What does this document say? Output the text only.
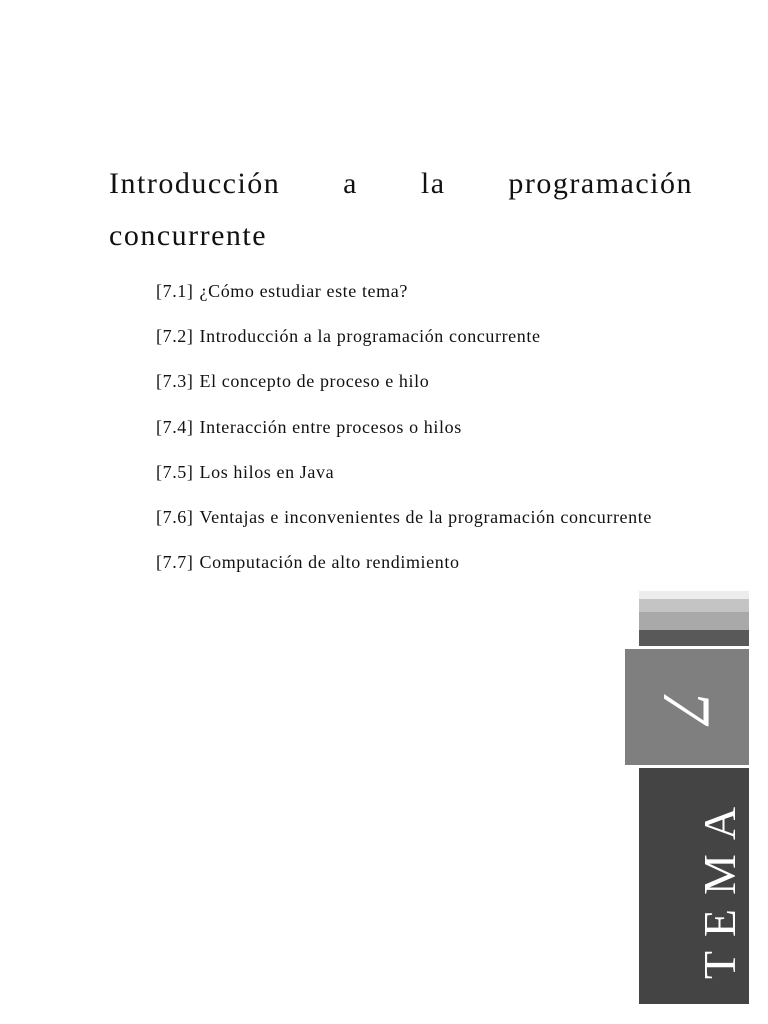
Introducción a la programación concurrente
[7.1] ¿Cómo estudiar este tema?
[7.2] Introducción a la programación concurrente
[7.3] El concepto de proceso e hilo
[7.4] Interacción entre procesos o hilos
[7.5] Los hilos en Java
[7.6] Ventajas e inconvenientes de la programación concurrente
[7.7] Computación de alto rendimiento
7
TEMA
